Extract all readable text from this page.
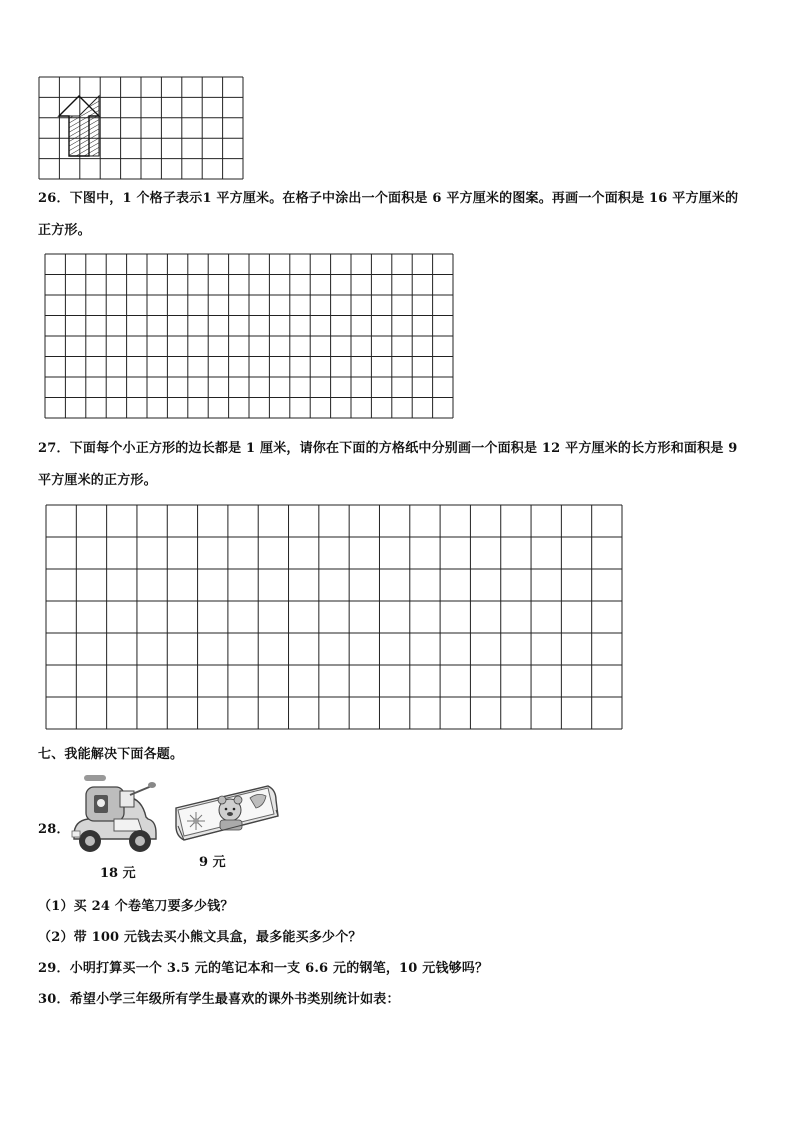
26．下图中，1 个格子表示1 平方厘米。在格子中涂出一个面积是 6 平方厘米的图案。再画一个面积是 16 平方厘米的
正方形。
27．下面每个小正方形的边长都是 1 厘米，请你在下面的方格纸中分别画一个面积是 12 平方厘米的长方形和面积是 9
平方厘米的正方形。
七、我能解决下面各题。
28．
18 元
9 元
（1）买 24 个卷笔刀要多少钱？
（2）带 100 元钱去买小熊文具盒，最多能买多少个？
29．小明打算买一个 3.5 元的笔记本和一支 6.6 元的钢笔，10 元钱够吗？
30．希望小学三年级所有学生最喜欢的课外书类别统计如表：
